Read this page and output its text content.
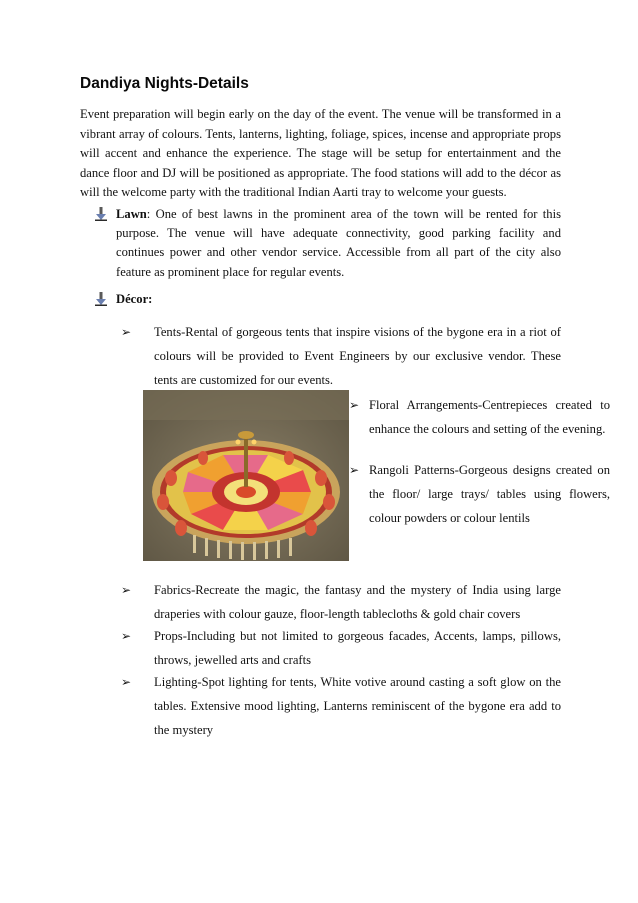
Dandiya Nights-Details
Event preparation will begin early on the day of the event. The venue will be transformed in a vibrant array of colours. Tents, lanterns, lighting, foliage, spices, incense and appropriate props will accent and enhance the experience. The stage will be setup for entertainment and the dance floor and DJ will be positioned as appropriate. The food stations will add to the décor as will the welcome party with the traditional Indian Aarti tray to welcome your guests.
Lawn: One of best lawns in the prominent area of the town will be rented for this purpose. The venue will have adequate connectivity, good parking facility and continues power and other vendor service. Accessible from all part of the city also feature as prominent place for regular events.
Décor:
➢ Tents-Rental of gorgeous tents that inspire visions of the bygone era in a riot of colours will be provided to Event Engineers by our exclusive vendor. These tents are customized for our events.
➢ Floral Arrangements-Centrepieces created to enhance the colours and setting of the evening.
➢ Rangoli Patterns-Gorgeous designs created on the floor/ large trays/ tables using flowers, colour powders or colour lentils
➢ Fabrics-Recreate the magic, the fantasy and the mystery of India using large draperies with colour gauze, floor-length tablecloths & gold chair covers
➢ Props-Including but not limited to gorgeous facades, Accents, lamps, pillows, throws, jewelled arts and crafts
➢ Lighting-Spot lighting for tents, White votive around casting a soft glow on the tables. Extensive mood lighting, Lanterns reminiscent of the bygone era add to the mystery
